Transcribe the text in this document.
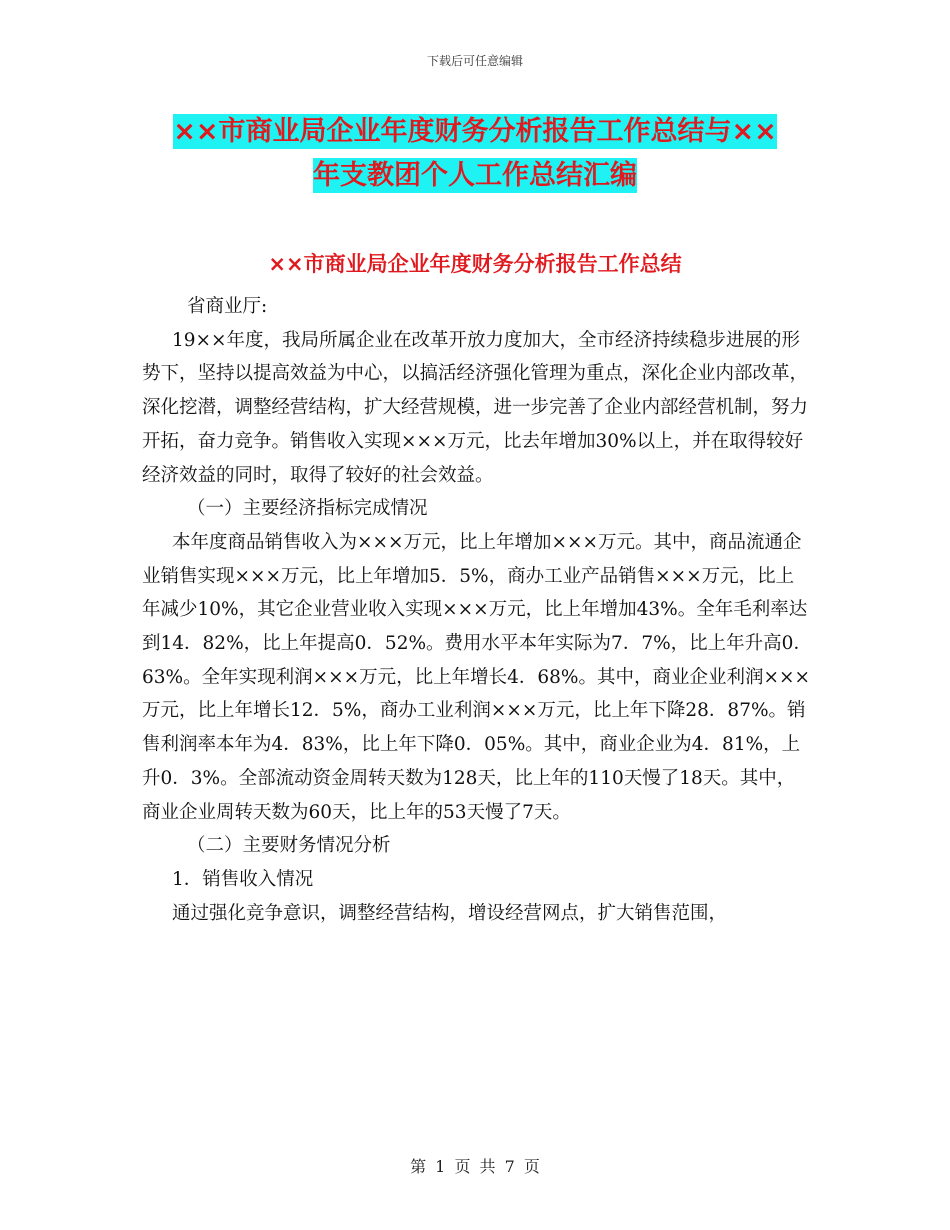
下载后可任意编辑
××市商业局企业年度财务分析报告工作总结与××
年支教团个人工作总结汇编
××市商业局企业年度财务分析报告工作总结

省商业厅:

19××年度，我局所属企业在改革开放力度加大，全市经济持续稳步进展的形势下，坚持以提高效益为中心，以搞活经济强化管理为重点，深化企业内部改革，深化挖潜，调整经营结构，扩大经营规模，进一步完善了企业内部经营机制，努力开拓，奋力竞争。销售收入实现×××万元，比去年增加30%以上，并在取得较好经济效益的同时，取得了较好的社会效益。

（一）主要经济指标完成情况

本年度商品销售收入为×××万元，比上年增加×××万元。其中，商品流通企业销售实现×××万元，比上年增加5．5%，商办工业产品销售×××万元，比上年减少10%，其它企业营业收入实现×××万元，比上年增加43%。全年毛利率达到14．82%，比上年提高0．52%。费用水平本年实际为7．7%，比上年升高0．63%。全年实现利润×××万元，比上年增长4．68%。其中，商业企业利润×××万元，比上年增长12．5%，商办工业利润×××万元，比上年下降28．87%。销售利润率本年为4．83%，比上年下降0．05%。其中，商业企业为4．81%，上升0．3%。全部流动资金周转天数为128天，比上年的110天慢了18天。其中，商业企业周转天数为60天，比上年的53天慢了7天。

（二）主要财务情况分析

1．销售收入情况

通过强化竞争意识，调整经营结构，增设经营网点，扩大销售范围，

第 1 页 共 7 页
